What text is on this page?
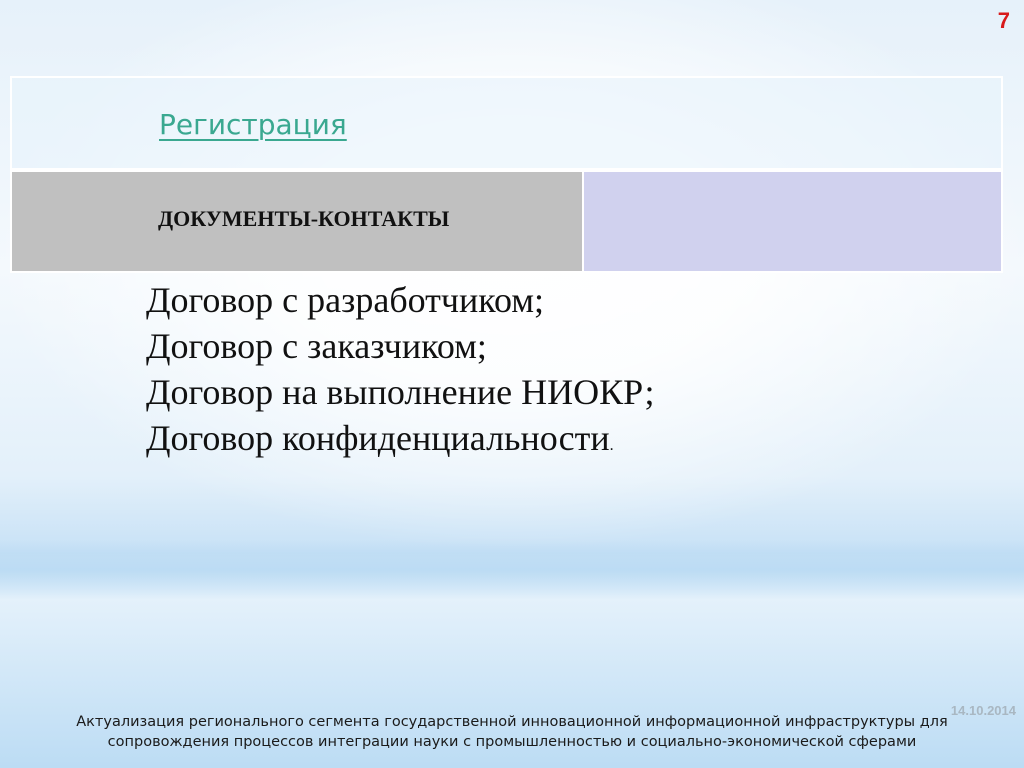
7
Регистрация
ДОКУМЕНТЫ-КОНТАКТЫ
Договор с разработчиком;
Договор с заказчиком;
Договор на выполнение НИОКР;
Договор конфиденциальности.
14.10.2014
Актуализация регионального сегмента государственной инновационной информационной инфраструктуры для
сопровождения процессов интеграции науки с промышленностью и социально-экономической сферами
